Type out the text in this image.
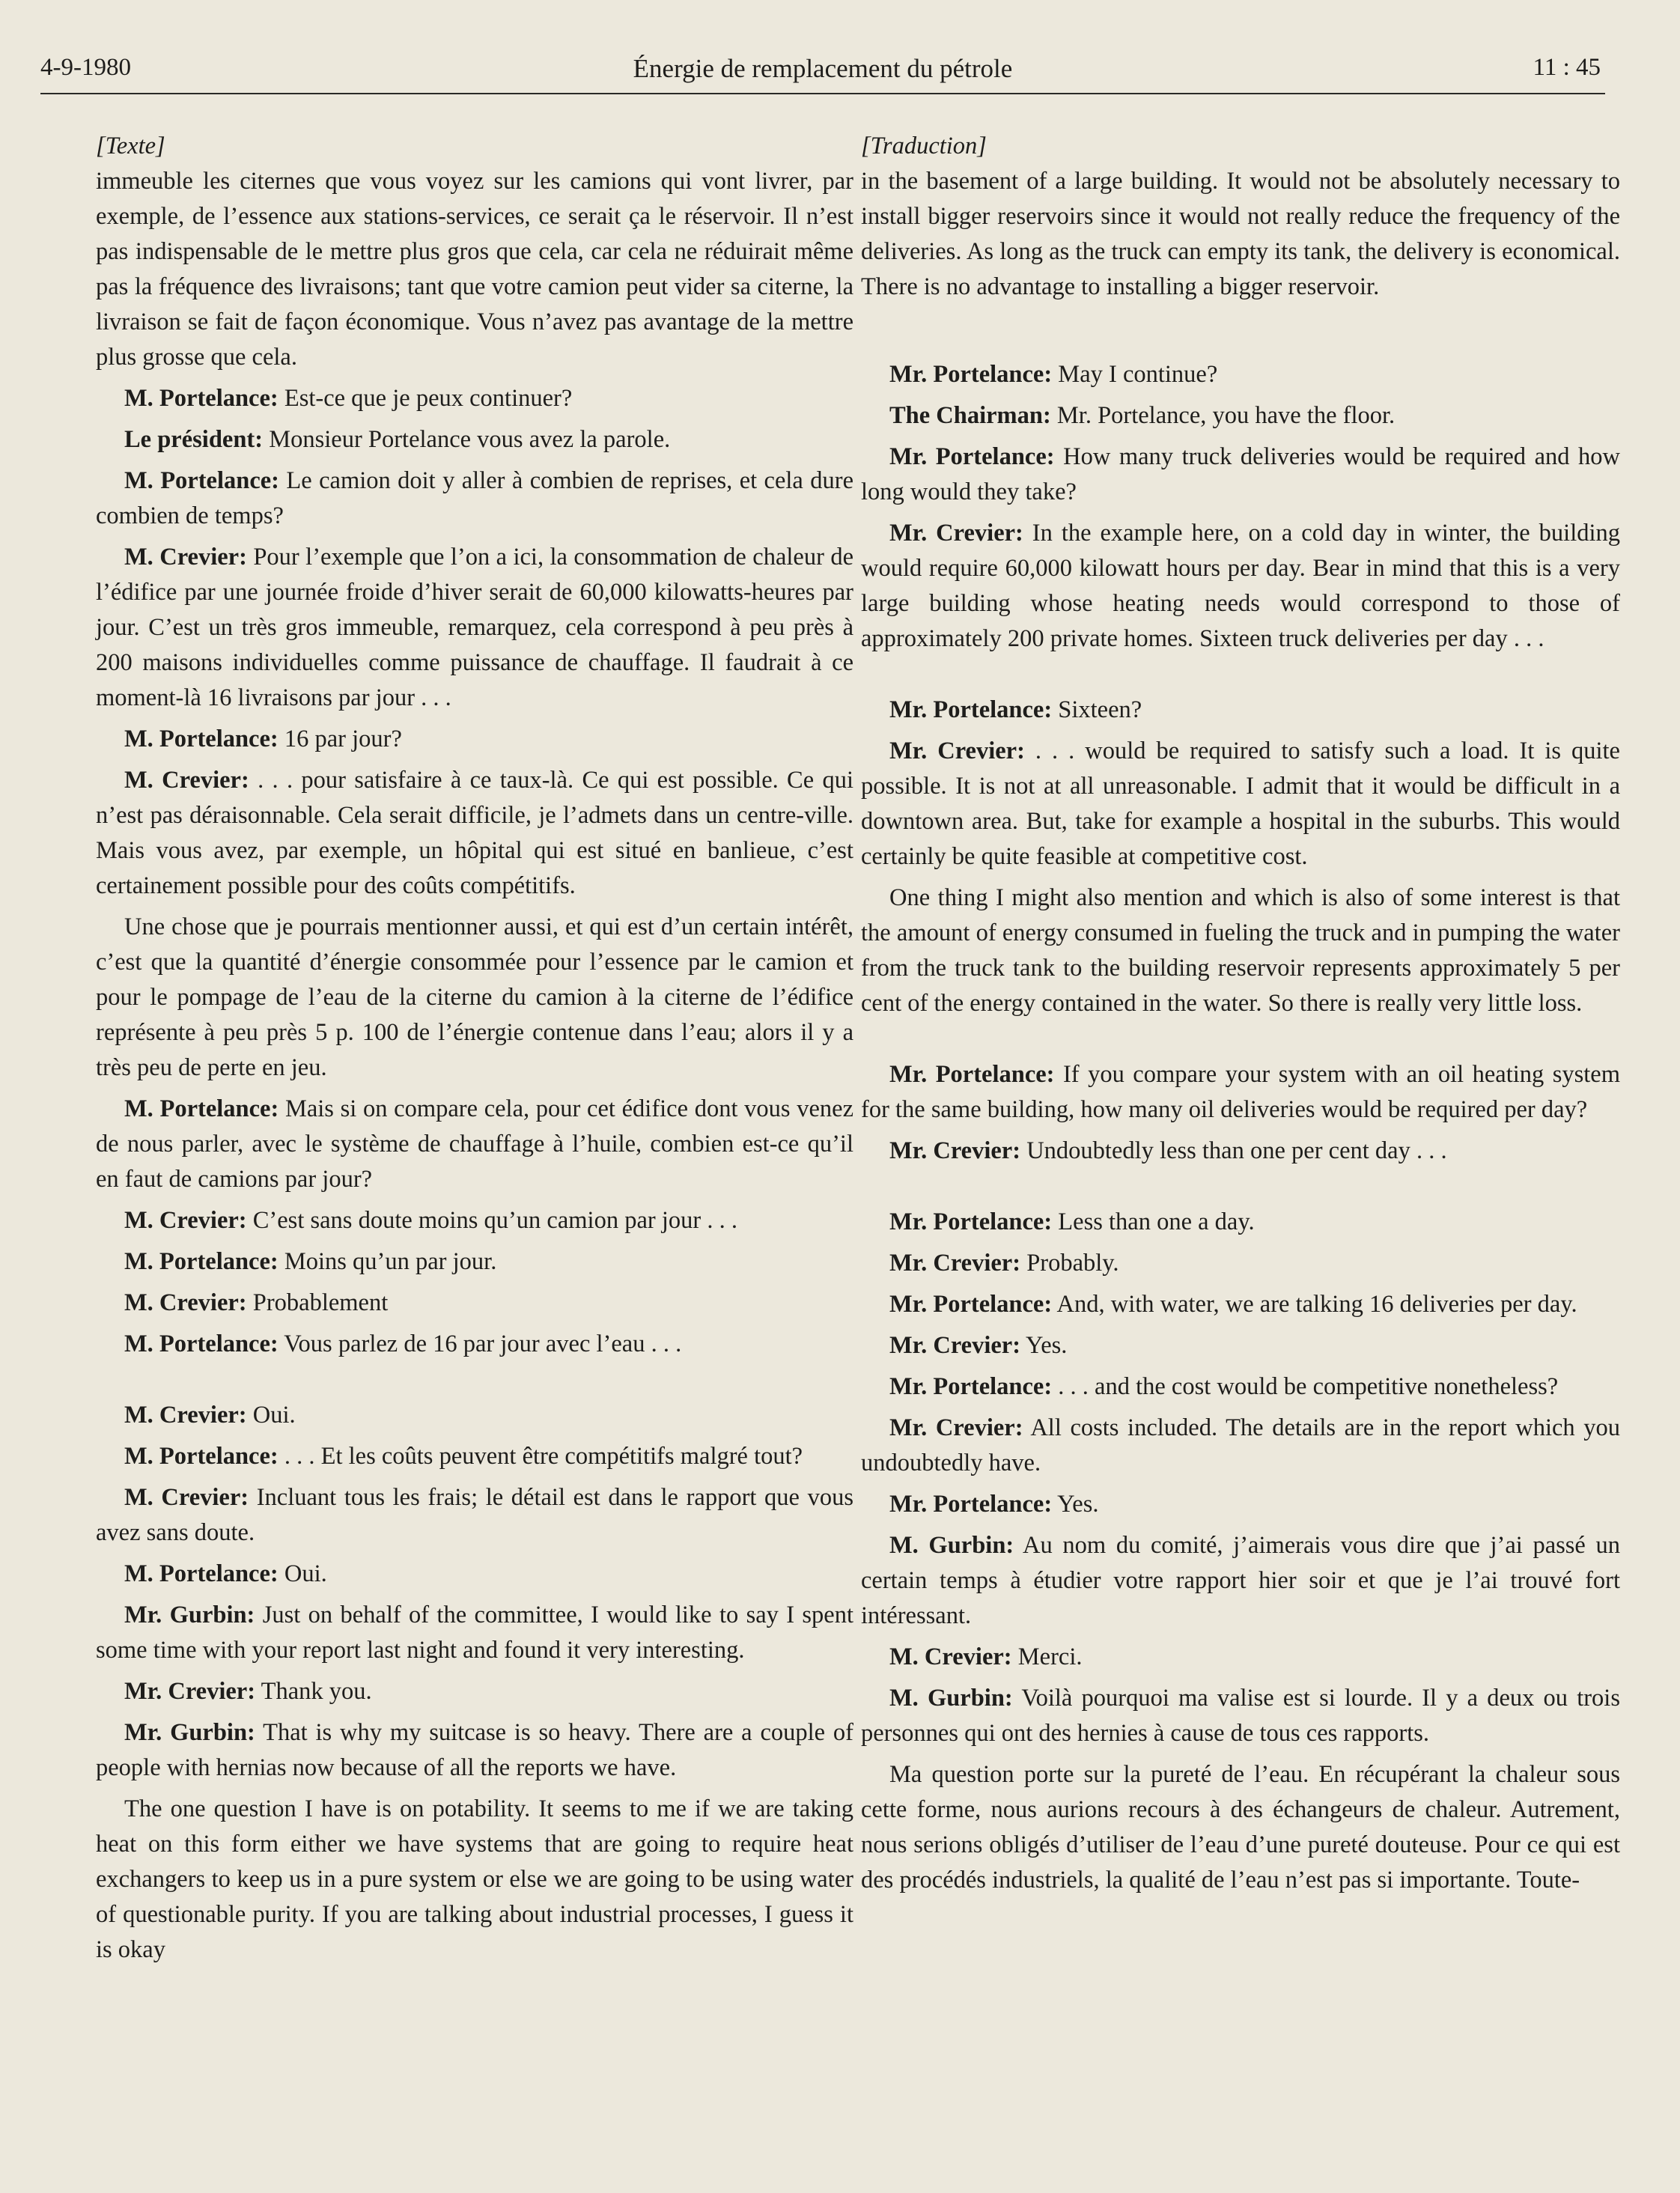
4-9-1980	Énergie de remplacement du pétrole	11 : 45
[Texte]

immeuble les citernes que vous voyez sur les camions qui vont livrer, par exemple, de l’essence aux stations-services, ce serait ça le réservoir. Il n’est pas indispensable de le mettre plus gros que cela, car cela ne réduirait même pas la fréquence des livraisons; tant que votre camion peut vider sa citerne, la livraison se fait de façon économique. Vous n’avez pas avantage de la mettre plus grosse que cela.

M. Portelance: Est-ce que je peux continuer?

Le président: Monsieur Portelance vous avez la parole.

M. Portelance: Le camion doit y aller à combien de reprises, et cela dure combien de temps?

M. Crevier: Pour l’exemple que l’on a ici, la consommation de chaleur de l’édifice par une journée froide d’hiver serait de 60,000 kilowatts-heures par jour. C’est un très gros immeuble, remarquez, cela correspond à peu près à 200 maisons individuelles comme puissance de chauffage. Il faudrait à ce moment-là 16 livraisons par jour . . .

M. Portelance: 16 par jour?

M. Crevier: . . . pour satisfaire à ce taux-là. Ce qui est possible. Ce qui n’est pas déraisonnable. Cela serait difficile, je l’admets dans un centre-ville. Mais vous avez, par exemple, un hôpital qui est situé en banlieue, c’est certainement possible pour des coûts compétitifs.

Une chose que je pourrais mentionner aussi, et qui est d’un certain intérêt, c’est que la quantité d’énergie consommée pour l’essence par le camion et pour le pompage de l’eau de la citerne du camion à la citerne de l’édifice représente à peu près 5 p. 100 de l’énergie contenue dans l’eau; alors il y a très peu de perte en jeu.

M. Portelance: Mais si on compare cela, pour cet édifice dont vous venez de nous parler, avec le système de chauffage à l’huile, combien est-ce qu’il en faut de camions par jour?

M. Crevier: C’est sans doute moins qu’un camion par jour . . .

M. Portelance: Moins qu’un par jour.

M. Crevier: Probablement

M. Portelance: Vous parlez de 16 par jour avec l’eau . . .

M. Crevier: Oui.

M. Portelance: . . . Et les coûts peuvent être compétitifs malgré tout?

M. Crevier: Incluant tous les frais; le détail est dans le rapport que vous avez sans doute.

M. Portelance: Oui.

Mr. Gurbin: Just on behalf of the committee, I would like to say I spent some time with your report last night and found it very interesting.

Mr. Crevier: Thank you.

Mr. Gurbin: That is why my suitcase is so heavy. There are a couple of people with hernias now because of all the reports we have.

The one question I have is on potability. It seems to me if we are taking heat on this form either we have systems that are going to require heat exchangers to keep us in a pure system or else we are going to be using water of questionable purity. If you are talking about industrial processes, I guess it is okay

[Traduction]

in the basement of a large building. It would not be absolutely necessary to install bigger reservoirs since it would not really reduce the frequency of the deliveries. As long as the truck can empty its tank, the delivery is economical. There is no advantage to installing a bigger reservoir.

Mr. Portelance: May I continue?

The Chairman: Mr. Portelance, you have the floor.

Mr. Portelance: How many truck deliveries would be required and how long would they take?

Mr. Crevier: In the example here, on a cold day in winter, the building would require 60,000 kilowatt hours per day. Bear in mind that this is a very large building whose heating needs would correspond to those of approximately 200 private homes. Sixteen truck deliveries per day . . .

Mr. Portelance: Sixteen?

Mr. Crevier: . . . would be required to satisfy such a load. It is quite possible. It is not at all unreasonable. I admit that it would be difficult in a downtown area. But, take for example a hospital in the suburbs. This would certainly be quite feasible at competitive cost.

One thing I might also mention and which is also of some interest is that the amount of energy consumed in fueling the truck and in pumping the water from the truck tank to the building reservoir represents approximately 5 per cent of the energy contained in the water. So there is really very little loss.

Mr. Portelance: If you compare your system with an oil heating system for the same building, how many oil deliveries would be required per day?

Mr. Crevier: Undoubtedly less than one per cent day . . .

Mr. Portelance: Less than one a day.

Mr. Crevier: Probably.

Mr. Portelance: And, with water, we are talking 16 deliveries per day.

Mr. Crevier: Yes.

Mr. Portelance: . . . and the cost would be competitive nonetheless?

Mr. Crevier: All costs included. The details are in the report which you undoubtedly have.

Mr. Portelance: Yes.

M. Gurbin: Au nom du comité, j’aimerais vous dire que j’ai passé un certain temps à étudier votre rapport hier soir et que je l’ai trouvé fort intéressant.

M. Crevier: Merci.

M. Gurbin: Voilà pourquoi ma valise est si lourde. Il y a deux ou trois personnes qui ont des hernies à cause de tous ces rapports.

Ma question porte sur la pureté de l’eau. En récupérant la chaleur sous cette forme, nous aurions recours à des échangeurs de chaleur. Autrement, nous serions obligés d’utiliser de l’eau d’une pureté douteuse. Pour ce qui est des procédés industriels, la qualité de l’eau n’est pas si importante. Toute-
